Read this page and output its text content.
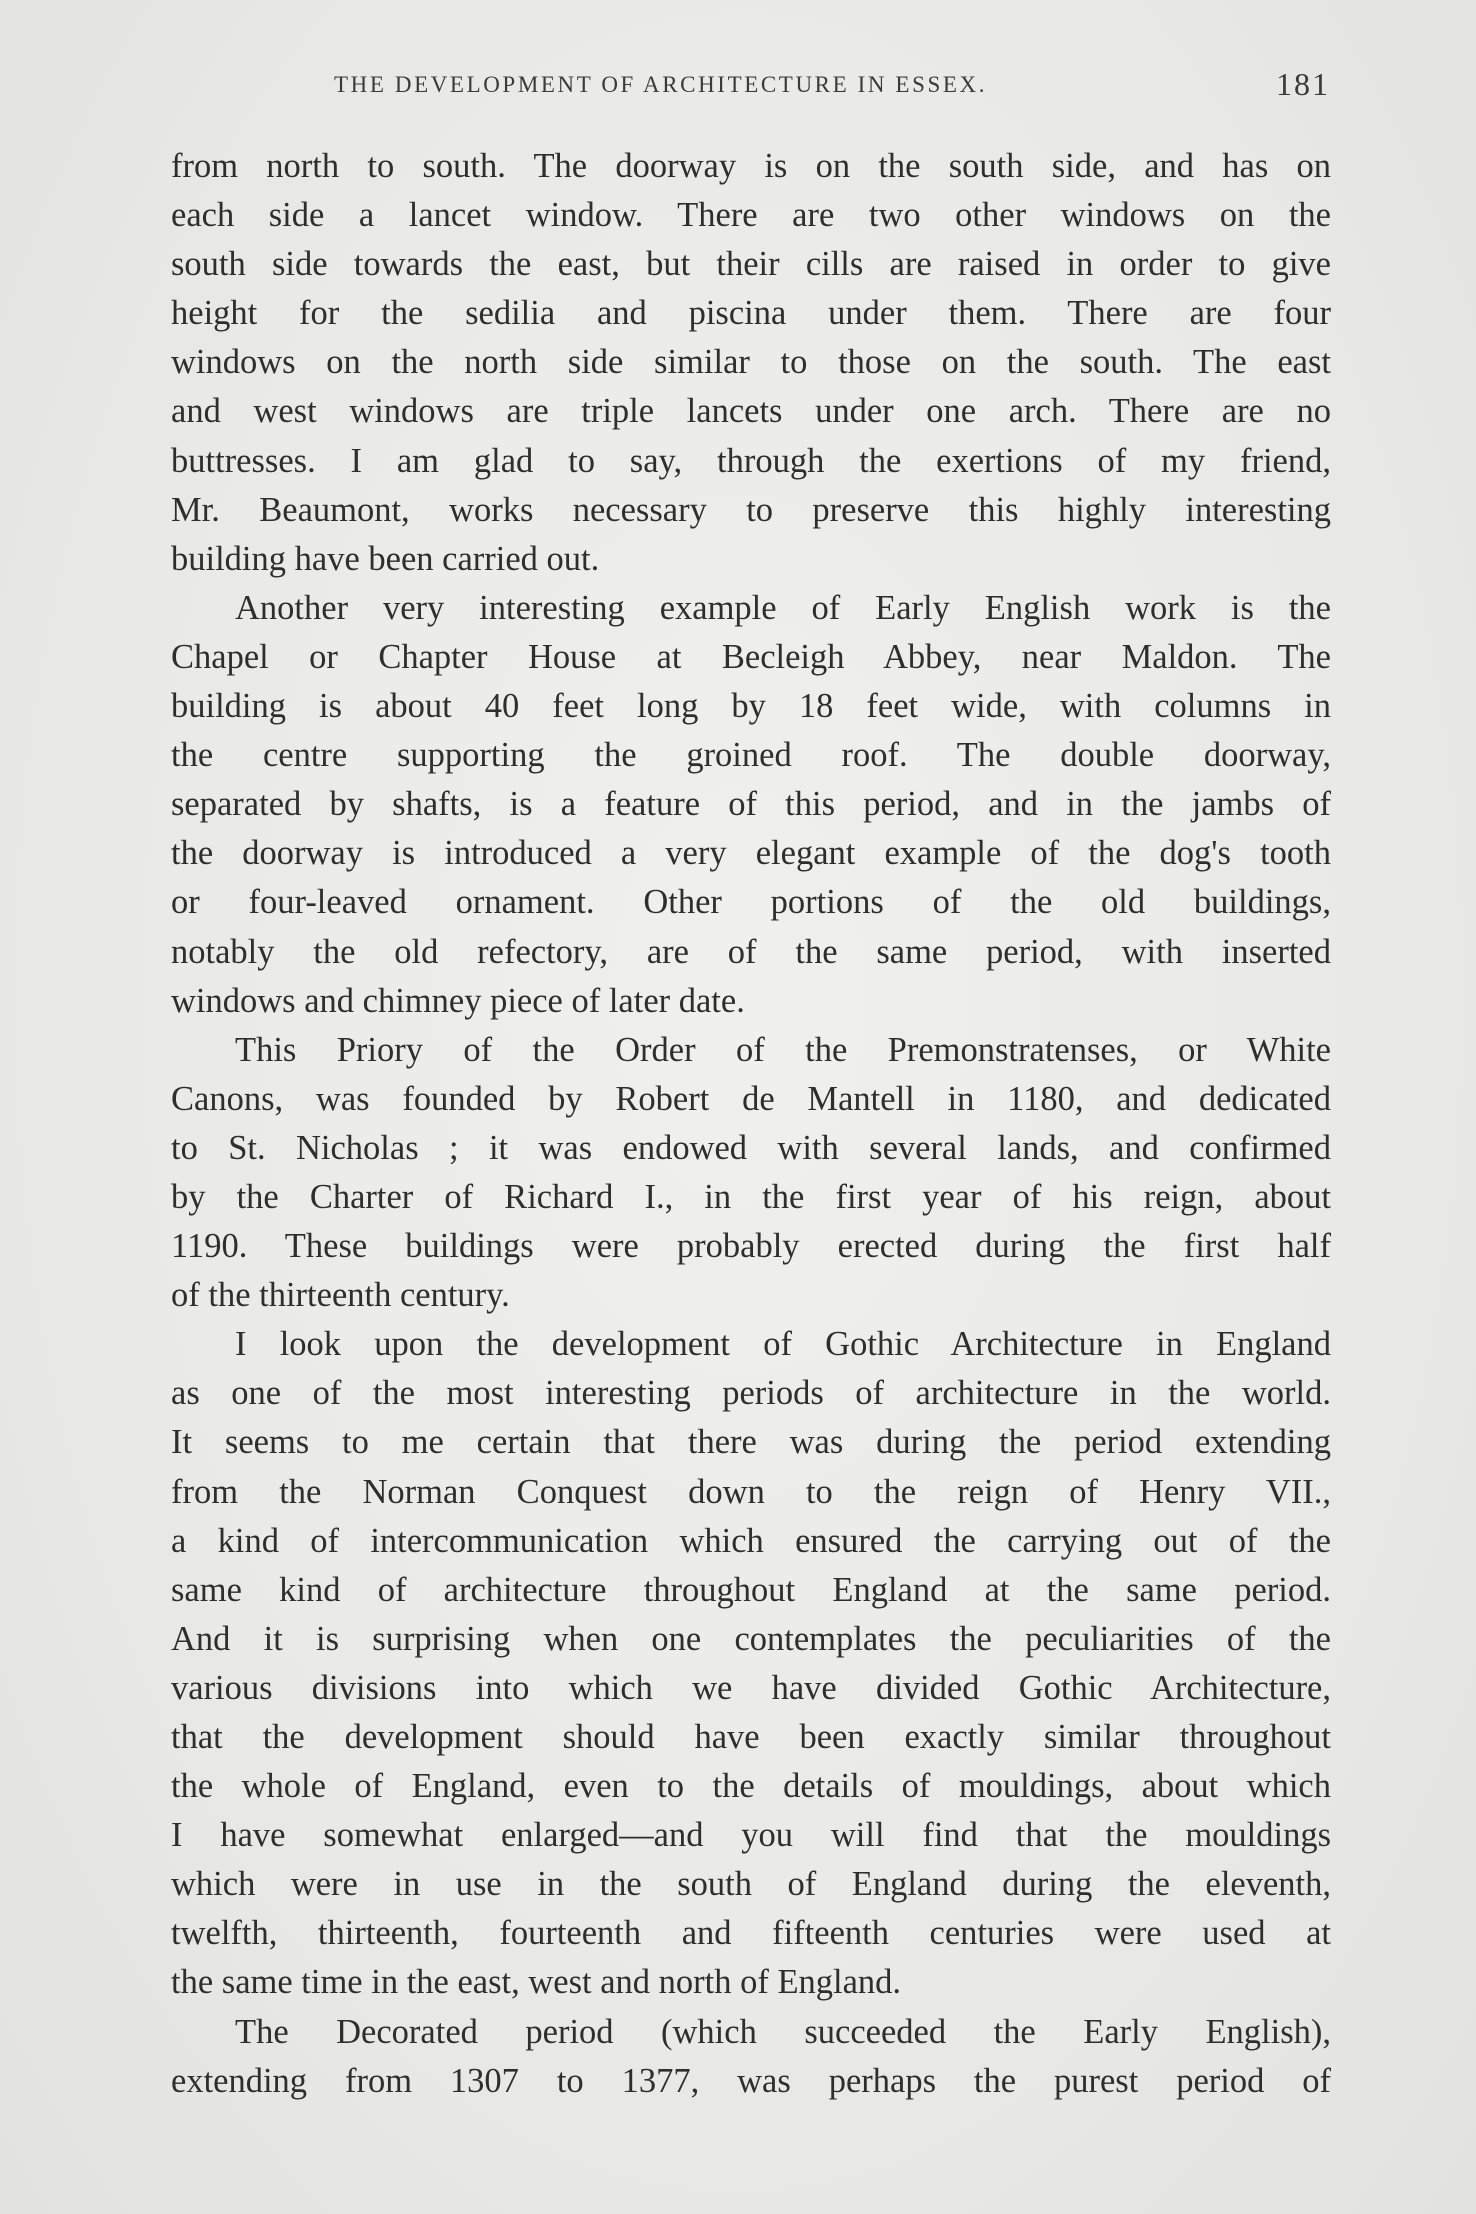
THE DEVELOPMENT OF ARCHITECTURE IN ESSEX.	181
from north to south. The doorway is on the south side, and has on
each side a lancet window. There are two other windows on the
south side towards the east, but their cills are raised in order to give
height for the sedilia and piscina under them. There are four
windows on the north side similar to those on the south. The east
and west windows are triple lancets under one arch. There are no
buttresses. I am glad to say, through the exertions of my friend,
Mr. Beaumont, works necessary to preserve this highly interesting
building have been carried out.
Another very interesting example of Early English work is the
Chapel or Chapter House at Becleigh Abbey, near Maldon. The
building is about 40 feet long by 18 feet wide, with columns in
the centre supporting the groined roof. The double doorway,
separated by shafts, is a feature of this period, and in the jambs of
the doorway is introduced a very elegant example of the dog's tooth
or four-leaved ornament. Other portions of the old buildings,
notably the old refectory, are of the same period, with inserted
windows and chimney piece of later date.
This Priory of the Order of the Premonstratenses, or White
Canons, was founded by Robert de Mantell in 1180, and dedicated
to St. Nicholas ; it was endowed with several lands, and confirmed
by the Charter of Richard I., in the first year of his reign, about
1190. These buildings were probably erected during the first half
of the thirteenth century.
I look upon the development of Gothic Architecture in England
as one of the most interesting periods of architecture in the world.
It seems to me certain that there was during the period extending
from the Norman Conquest down to the reign of Henry VII.,
a kind of intercommunication which ensured the carrying out of the
same kind of architecture throughout England at the same period.
And it is surprising when one contemplates the peculiarities of the
various divisions into which we have divided Gothic Architecture,
that the development should have been exactly similar throughout
the whole of England, even to the details of mouldings, about which
I have somewhat enlarged—and you will find that the mouldings
which were in use in the south of England during the eleventh,
twelfth, thirteenth, fourteenth and fifteenth centuries were used at
the same time in the east, west and north of England.
The Decorated period (which succeeded the Early English),
extending from 1307 to 1377, was perhaps the purest period of
